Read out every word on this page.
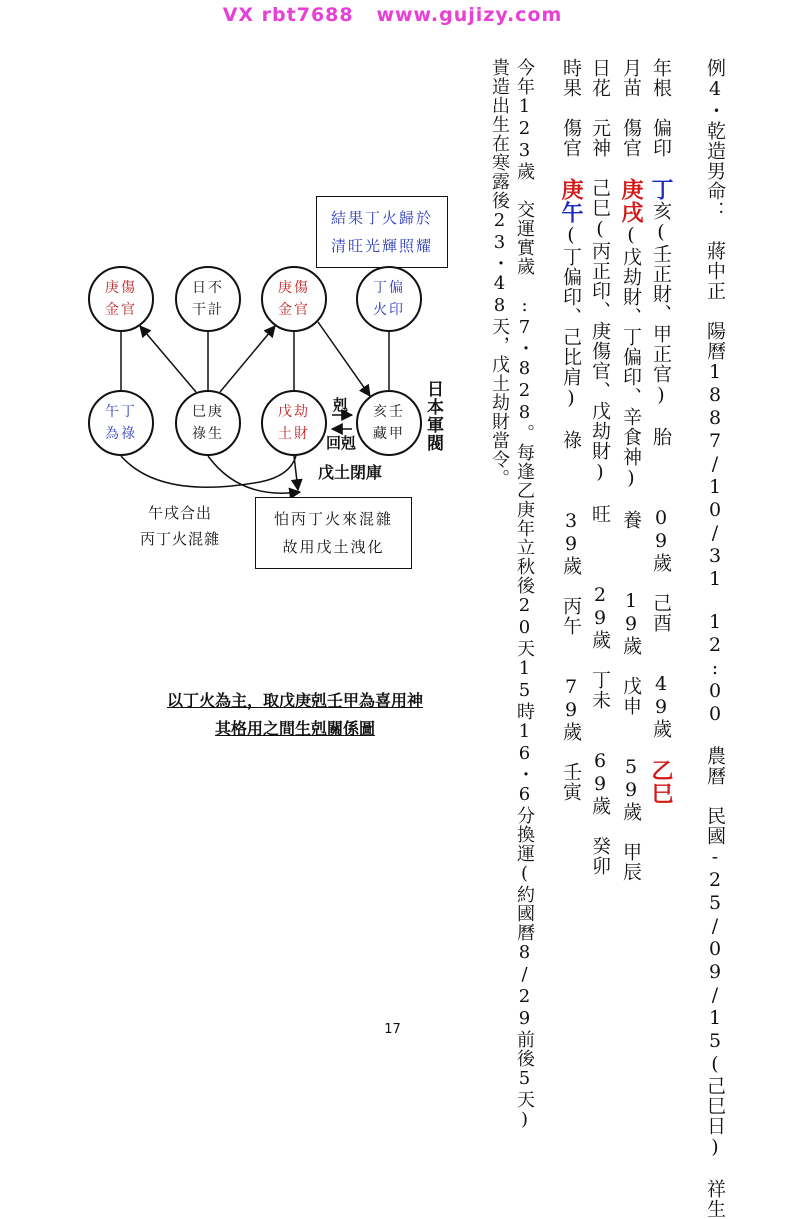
VX rbt7688   www.gujizy.com
例4・乾造男命：　蔣中正　陽曆1887/10/31　12:00　農曆　民國-25/09/15(己巳日)　祥生
年根　偏印　丁亥(壬正財、甲正官)　胎　　　09歲　己酉　　49歲　乙巳
月苗　傷官　庚戌(戊劫財、丁偏印、辛食神)　養　　　19歲　戊申　　59歲　甲辰
日花　元神　己巳(丙正印、庚傷官、戊劫財)　旺　　　29歲　丁未　　69歲　癸卯
時果　傷官　庚午(丁偏印、己比肩)　祿　　　39歲　丙午　　79歲　壬寅
今年123歲　交運實歲　:7・828。每逢乙庚年立秋後20天15時16・6分換運(約國曆8/29前後5天)
貴造出生在寒露後23・48天，戊土劫財當令。
結果丁火歸於
清旺光輝照耀
庚傷
金官
日不
干計
庚傷
金官
丁偏
火印
午丁
為祿
巳庚
祿生
戊劫
土財
亥壬
藏甲
剋
回剋
戊土閉庫
日本軍閥
午戌合出
丙丁火混雜
怕丙丁火來混雜
故用戊土洩化
以丁火為主，取戊庚剋壬甲為喜用神
其格用之間生剋關係圖
17
